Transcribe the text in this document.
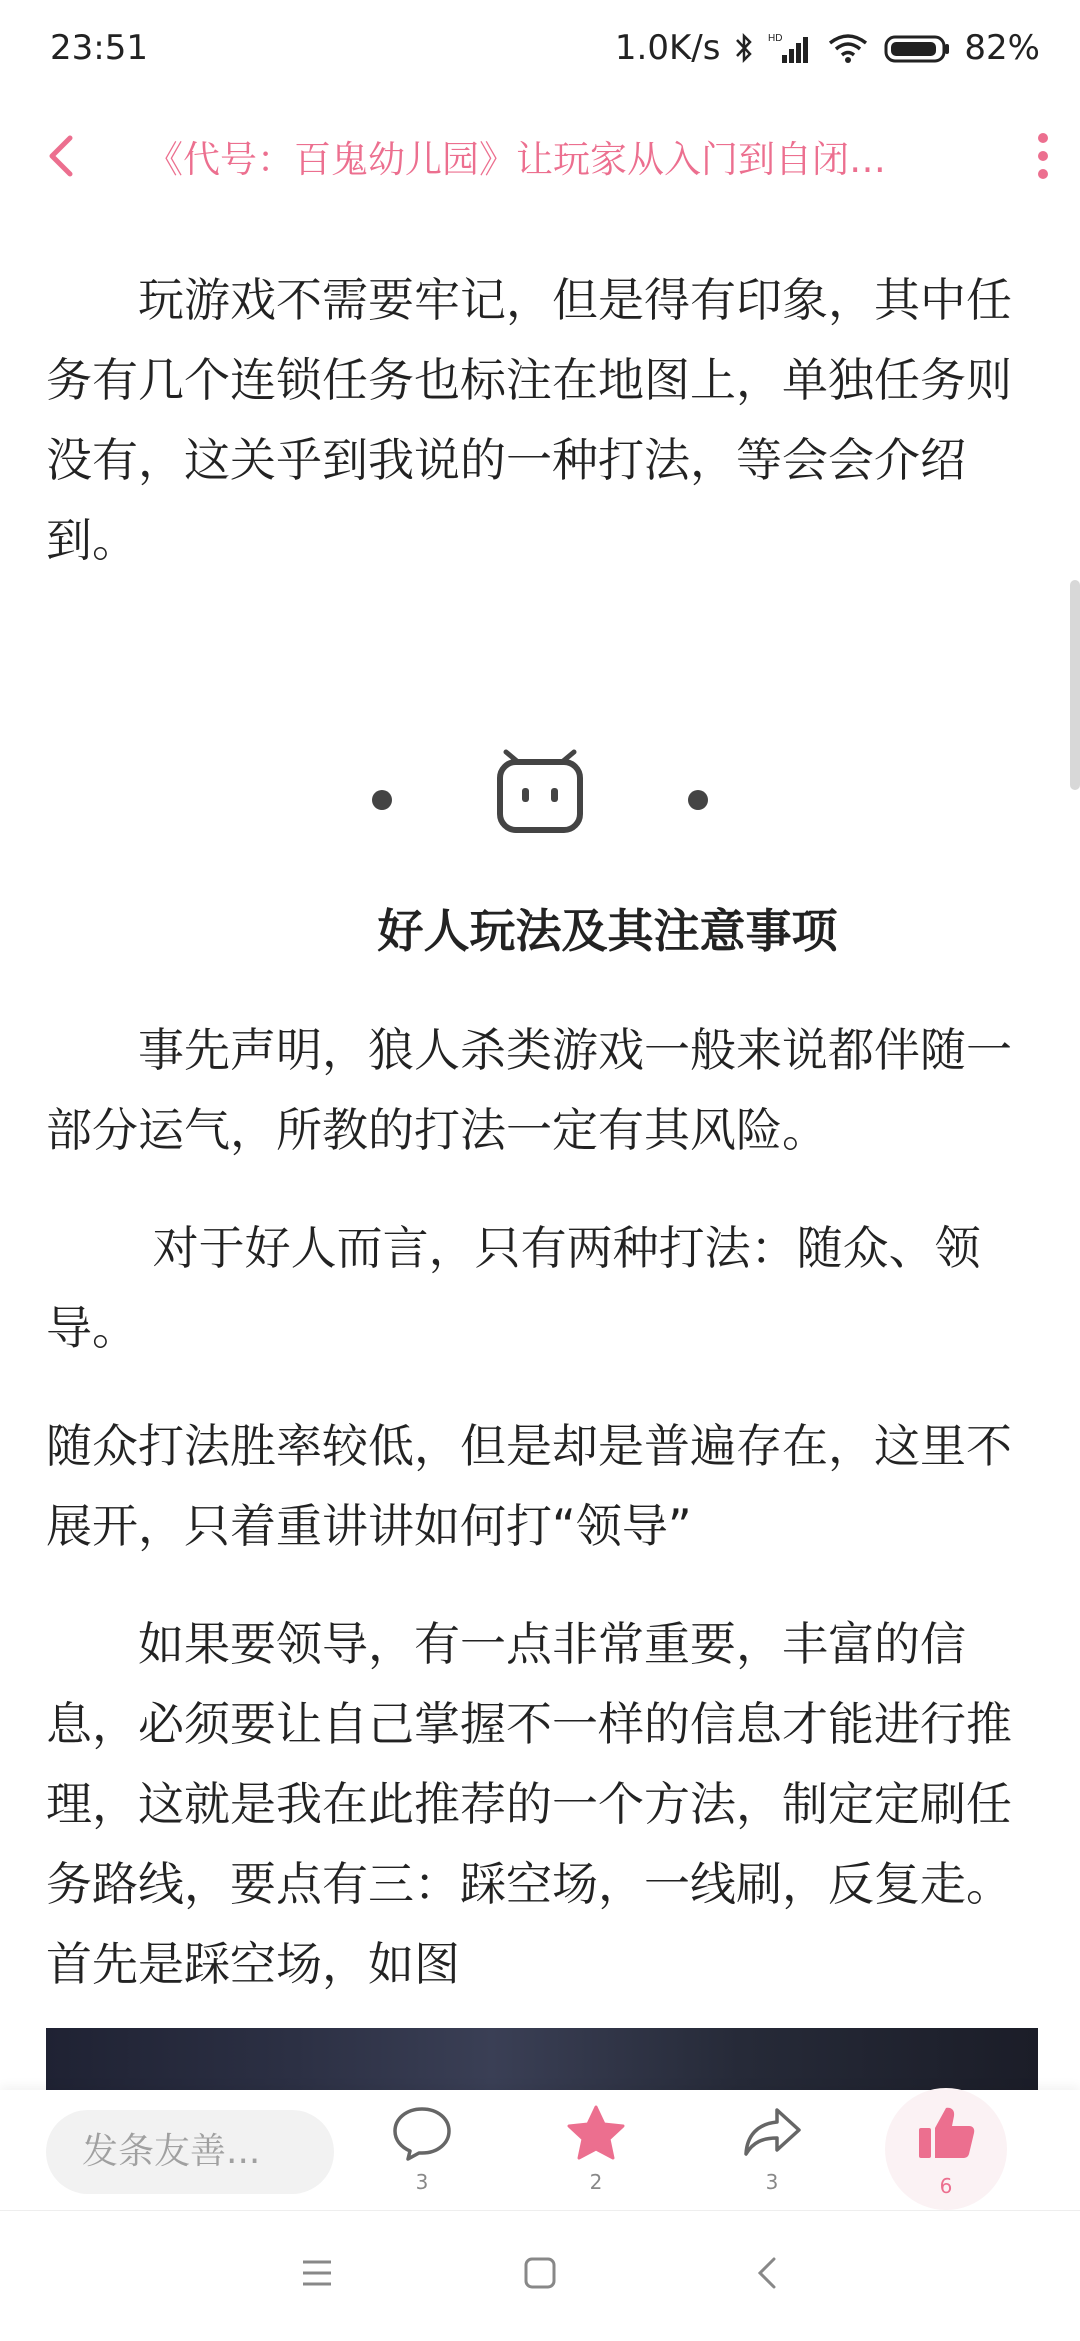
23:51	1.0K/s	HD	82%
《代号：百鬼幼儿园》让玩家从入门到自闭…

　　玩游戏不需要牢记，但是得有印象，其中任务有几个连锁任务也标注在地图上，单独任务则没有，这关乎到我说的一种打法，等会会介绍到。

好人玩法及其注意事项

　　事先声明，狼人杀类游戏一般来说都伴随一部分运气，所教的打法一定有其风险。

　　 对于好人而言，只有两种打法：随众、领导。

随众打法胜率较低，但是却是普遍存在，这里不展开，只着重讲讲如何打“领导”

　　如果要领导，有一点非常重要，丰富的信息，必须要让自己掌握不一样的信息才能进行推理，这就是我在此推荐的一个方法，制定定刷任务路线，要点有三：踩空场，一线刷，反复走。首先是踩空场，如图

发条友善...
3	2	3	6
